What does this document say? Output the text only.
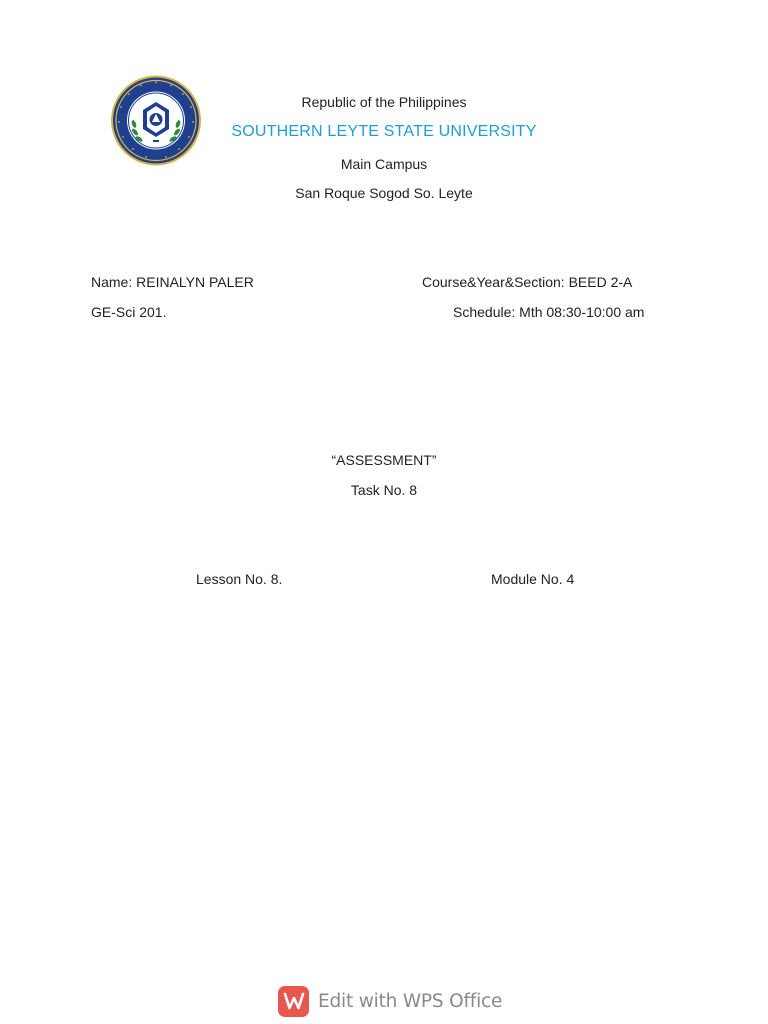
Republic of the Philippines
SOUTHERN LEYTE STATE UNIVERSITY
Main Campus
San Roque Sogod So. Leyte
Name: REINALYN PALER	Course&Year&Section: BEED 2-A
GE-Sci 201.	Schedule: Mth 08:30-10:00 am
“ASSESSMENT”
Task No. 8
Lesson No. 8.	Module No. 4
Edit with WPS Office
